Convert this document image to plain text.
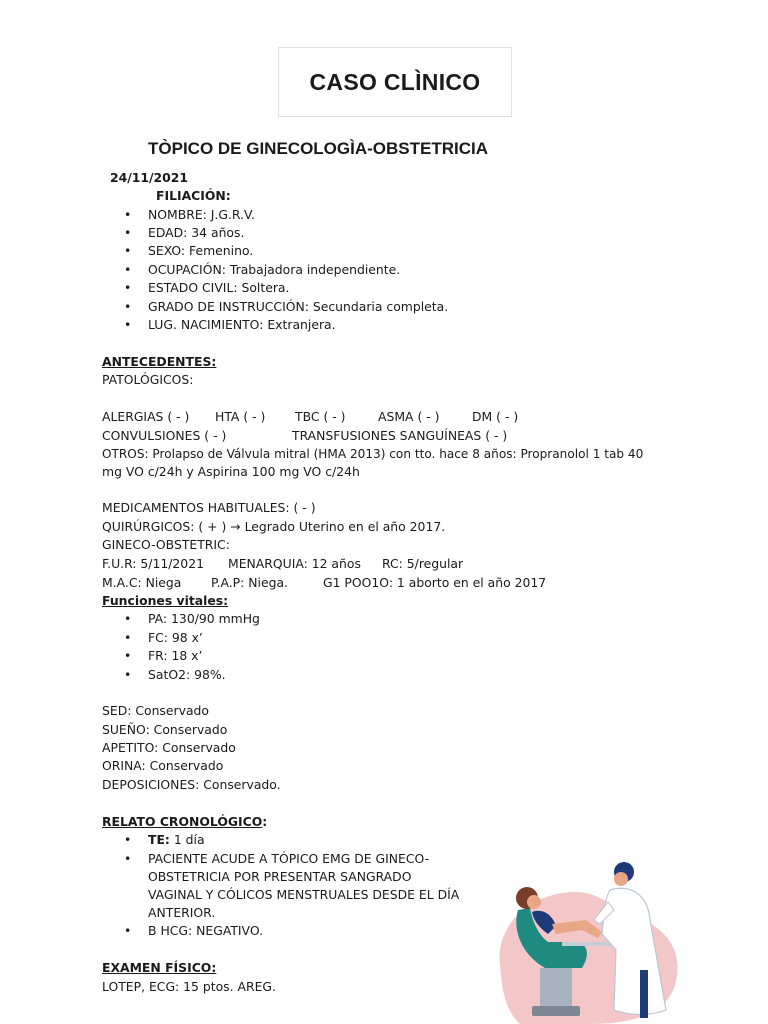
CASO CLÌNICO
TÒPICO DE GINECOLOGÌA-OBSTETRICIA
24/11/2021
FILIACIÓN:
• NOMBRE: J.G.R.V.
• EDAD: 34 años.
• SEXO: Femenino.
• OCUPACIÓN: Trabajadora independiente.
• ESTADO CIVIL: Soltera.
• GRADO DE INSTRUCCIÓN: Secundaria completa.
• LUG. NACIMIENTO: Extranjera.
ANTECEDENTES:
PATOLÓGICOS:
ALERGIAS ( - ) HTA ( - ) TBC ( - )	ASMA ( - )	DM ( - )
CONVULSIONES ( - )	TRANSFUSIONES SANGUÍNEAS ( - )
OTROS: Prolapso de Válvula mitral (HMA 2013) con tto. hace 8 años: Propranolol 1 tab 40
mg VO c/24h y Aspirina 100 mg VO c/24h
MEDICAMENTOS HABITUALES: ( - )
QUIRÚRGICOS: ( + ) → Legrado Uterino en el año 2017.
GINECO-OBSTETRIC:
F.U.R: 5/11/2021 MENARQUIA: 12 años RC: 5/regular
M.A.C: Niega P.A.P: Niega.	G1 POO1O: 1 aborto en el año 2017
Funciones vitales:
• PA: 130/90 mmHg
• FC: 98 x’
• FR: 18 x’
• SatO2: 98%.
SED: Conservado
SUEÑO: Conservado
APETITO: Conservado
ORINA: Conservado
DEPOSICIONES: Conservado.
RELATO CRONOLÓGICO:
• TE: 1 día
• PACIENTE ACUDE A TÓPICO EMG DE GINECO-
OBSTETRICIA POR PRESENTAR SANGRADO
VAGINAL Y CÓLICOS MENSTRUALES DESDE EL DÍA
ANTERIOR.
• B HCG: NEGATIVO.
EXAMEN FÍSICO:
LOTEP, ECG: 15 ptos. AREG.
